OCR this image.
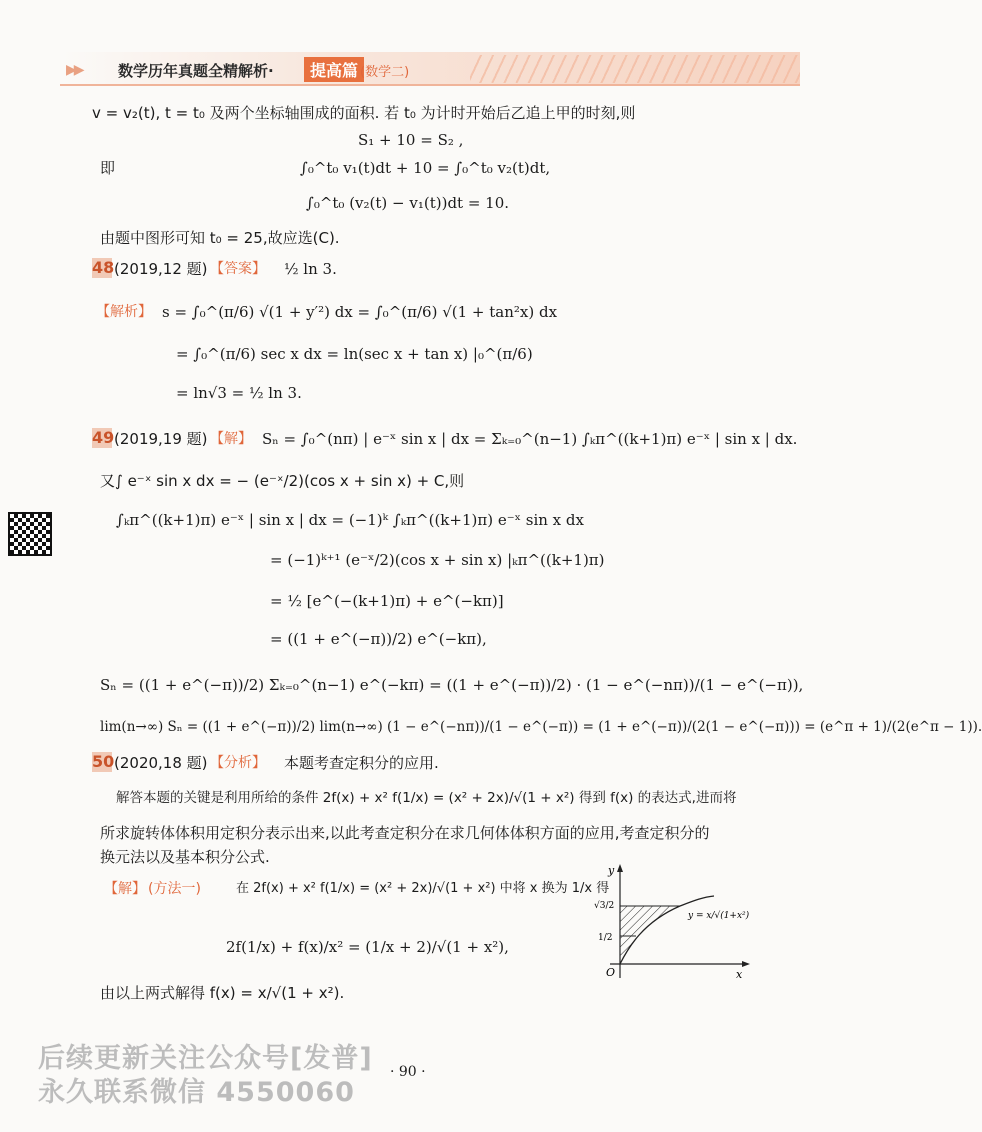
▶▶ 数学历年真题全精解析·	提高篇 (数学二)
v = v₂(t), t = t₀ 及两个坐标轴围成的面积. 若 t₀ 为计时开始后乙追上甲的时刻,则
S₁ + 10 = S₂ ,
即	∫₀^t₀ v₁(t)dt + 10 = ∫₀^t₀ v₂(t)dt,
∫₀^t₀ (v₂(t) − v₁(t))dt = 10.
由题中图形可知 t₀ = 25,故应选(C).
48 (2019,12 题) 【答案】 ½ ln 3.
【解析】 s = ∫₀^(π/6) √(1 + y′²) dx = ∫₀^(π/6) √(1 + tan²x) dx
= ∫₀^(π/6) sec x dx = ln(sec x + tan x) |₀^(π/6)
= ln√3 = ½ ln 3.
49 (2019,19 题) 【解】 Sₙ = ∫₀^(nπ) | e⁻ˣ sin x | dx = Σₖ₌₀^(n−1) ∫ₖπ^((k+1)π) e⁻ˣ | sin x | dx.
又∫ e⁻ˣ sin x dx = − (e⁻ˣ/2)(cos x + sin x) + C,则
∫ₖπ^((k+1)π) e⁻ˣ | sin x | dx = (−1)ᵏ ∫ₖπ^((k+1)π) e⁻ˣ sin x dx
= (−1)ᵏ⁺¹ (e⁻ˣ/2)(cos x + sin x) |ₖπ^((k+1)π)
= ½ [e^(−(k+1)π) + e^(−kπ)]
= ((1 + e^(−π))/2) e^(−kπ),
Sₙ = ((1 + e^(−π))/2) Σₖ₌₀^(n−1) e^(−kπ) = ((1 + e^(−π))/2) · (1 − e^(−nπ))/(1 − e^(−π)),
lim(n→∞) Sₙ = ((1 + e^(−π))/2) lim(n→∞) (1 − e^(−nπ))/(1 − e^(−π)) = (1 + e^(−π))/(2(1 − e^(−π))) = (e^π + 1)/(2(e^π − 1)).
50 (2020,18 题) 【分析】 本题考查定积分的应用.
解答本题的关键是利用所给的条件 2f(x) + x² f(1/x) = (x² + 2x)/√(1 + x²) 得到 f(x) 的表达式,进而将
所求旋转体体积用定积分表示出来,以此考查定积分在求几何体体积方面的应用,考查定积分的
换元法以及基本积分公式.
【解】 (方法一)	在 2f(x) + x² f(1/x) = (x² + 2x)/√(1 + x²) 中将 x 换为 1/x 得
2f(1/x) + f(x)/x² = (1/x + 2)/√(1 + x²),
由以上两式解得 f(x) = x/√(1 + x²).
y
x
O
√3/2
1/2
y = x/√(1+x²)
后续更新关注公众号[发普]
永久联系微信 4550060
· 90 ·
